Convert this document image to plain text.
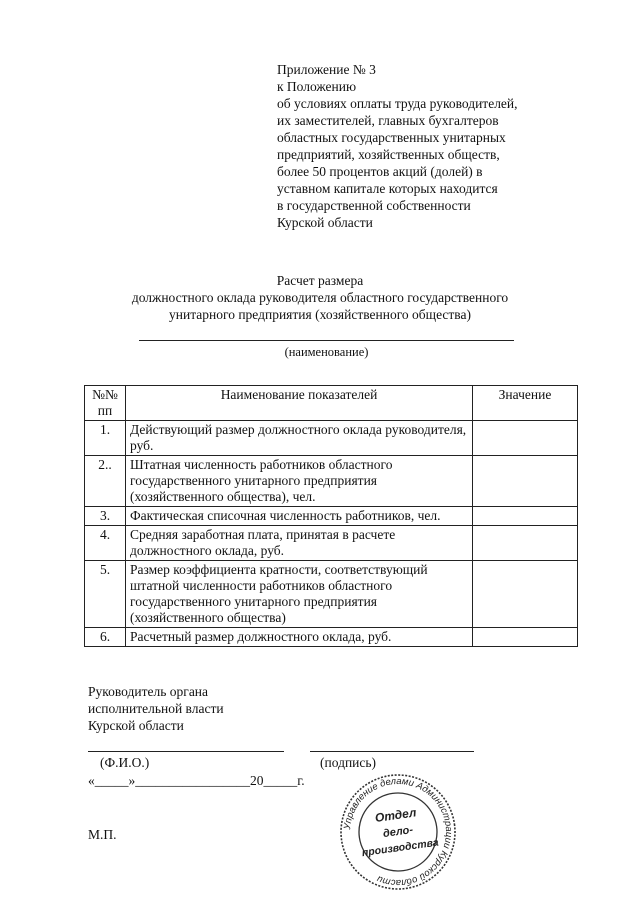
Приложение № 3
к Положению
об условиях оплаты труда руководителей,
их заместителей, главных бухгалтеров
областных государственных унитарных
предприятий, хозяйственных обществ,
более 50 процентов акций (долей) в
уставном капитале которых находится
в государственной собственности
Курской области
Расчет размера
должностного оклада руководителя областного государственного
унитарного предприятия (хозяйственного общества)
(наименование)
№№
пп	Наименование показателей	Значение
1.	Действующий размер должностного оклада руководителя, руб.	
2..	Штатная численность работников областного государственного унитарного предприятия (хозяйственного общества), чел.	
3.	Фактическая списочная численность работников, чел.	
4.	Средняя заработная плата, принятая в расчете должностного оклада, руб.	
5.	Размер коэффициента кратности, соответствующий штатной численности работников областного государственного унитарного предприятия (хозяйственного общества)	
6.	Расчетный размер должностного оклада, руб.	
Руководитель органа
исполнительной власти
Курской области
(Ф.И.О.)	(подпись)
«_____»_________________20_____г.
М.П.
Управление делами Администрации Курской области
Отдел
дело-
производства
